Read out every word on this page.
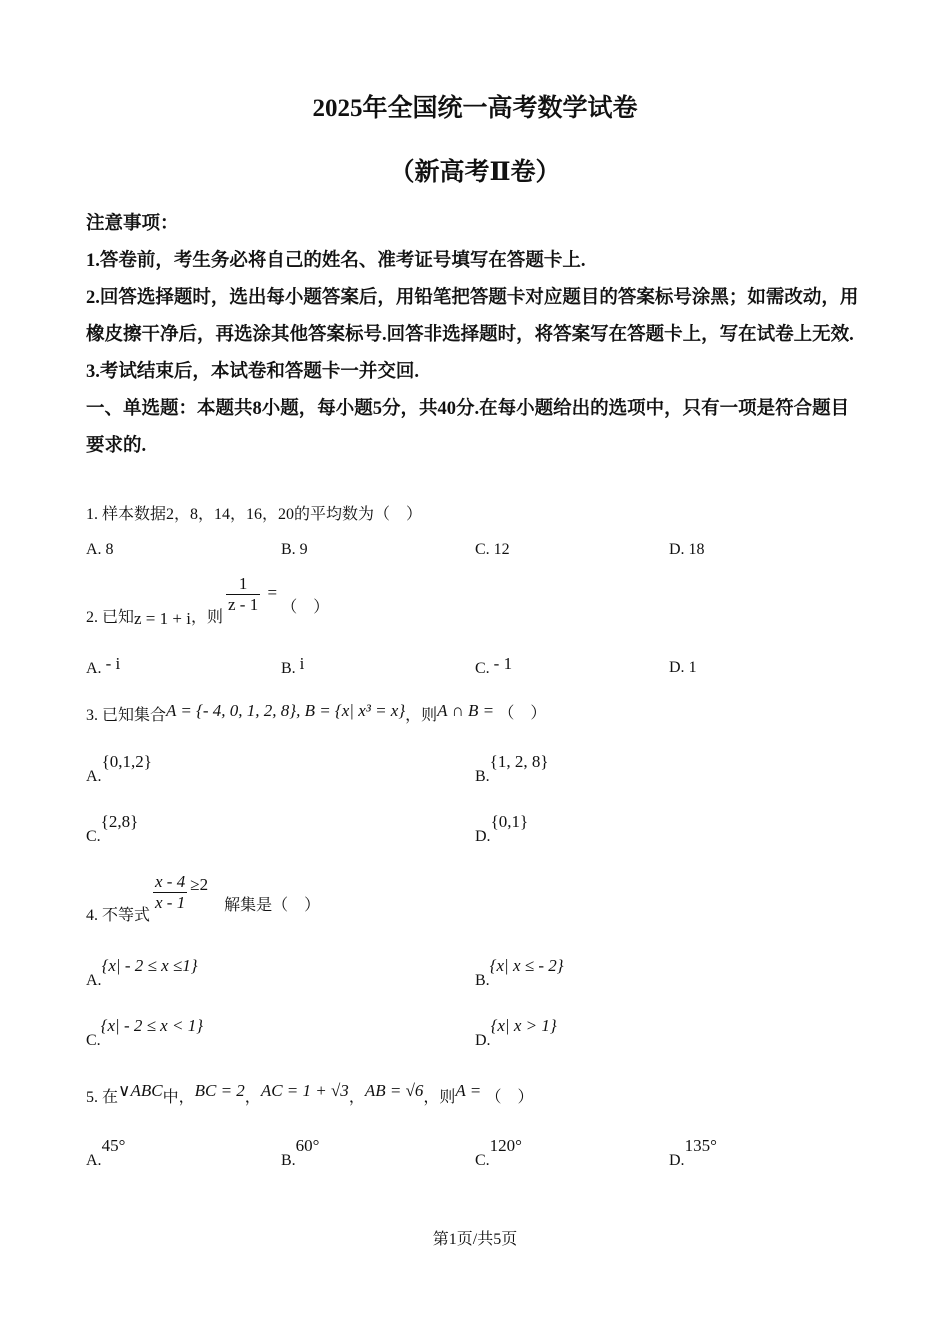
2025年全国统一高考数学试卷
（新高考Ⅱ卷）

注意事项：

1.答卷前，考生务必将自己的姓名、准考证号填写在答题卡上.

2.回答选择题时，选出每小题答案后，用铅笔把答题卡对应题目的答案标号涂黑；如需改动，用橡皮擦干净后，再选涂其他答案标号.回答非选择题时，将答案写在答题卡上，写在试卷上无效.

3.考试结束后，本试卷和答题卡一并交回.

一、单选题：本题共8小题，每小题5分，共40分.在每小题给出的选项中，只有一项是符合题目要求的.

1. 样本数据2，8，14，16，20的平均数为（　）
A. 8	B. 9	C. 12	D. 18
2. 已知z = 1 + i，则
$\frac{1}{z - 1}$ = （　）
A. - i	B. i	C. - 1	D. 1
3. 已知集合A = {- 4, 0, 1, 2, 8}, B = {x| x³ = x}，则A ∩ B = （　）
A.{0,1,2}
B.{1, 2, 8}
C.{2,8}
D.{0,1}
4. 不等式
$\frac{x - 4}{x - 1} \ge 2$　解集是（　）
A.{x| - 2 ≤ x ≤1}
B.{x| x ≤ - 2}
C.{x| - 2 ≤ x < 1}
D.{x| x > 1}
5. 在∨ABC中，BC = 2，AC = 1 + √3，AB = √6，则A = （　）
A.45°
B.60°
C.120°
D.135°
第1页/共5页
